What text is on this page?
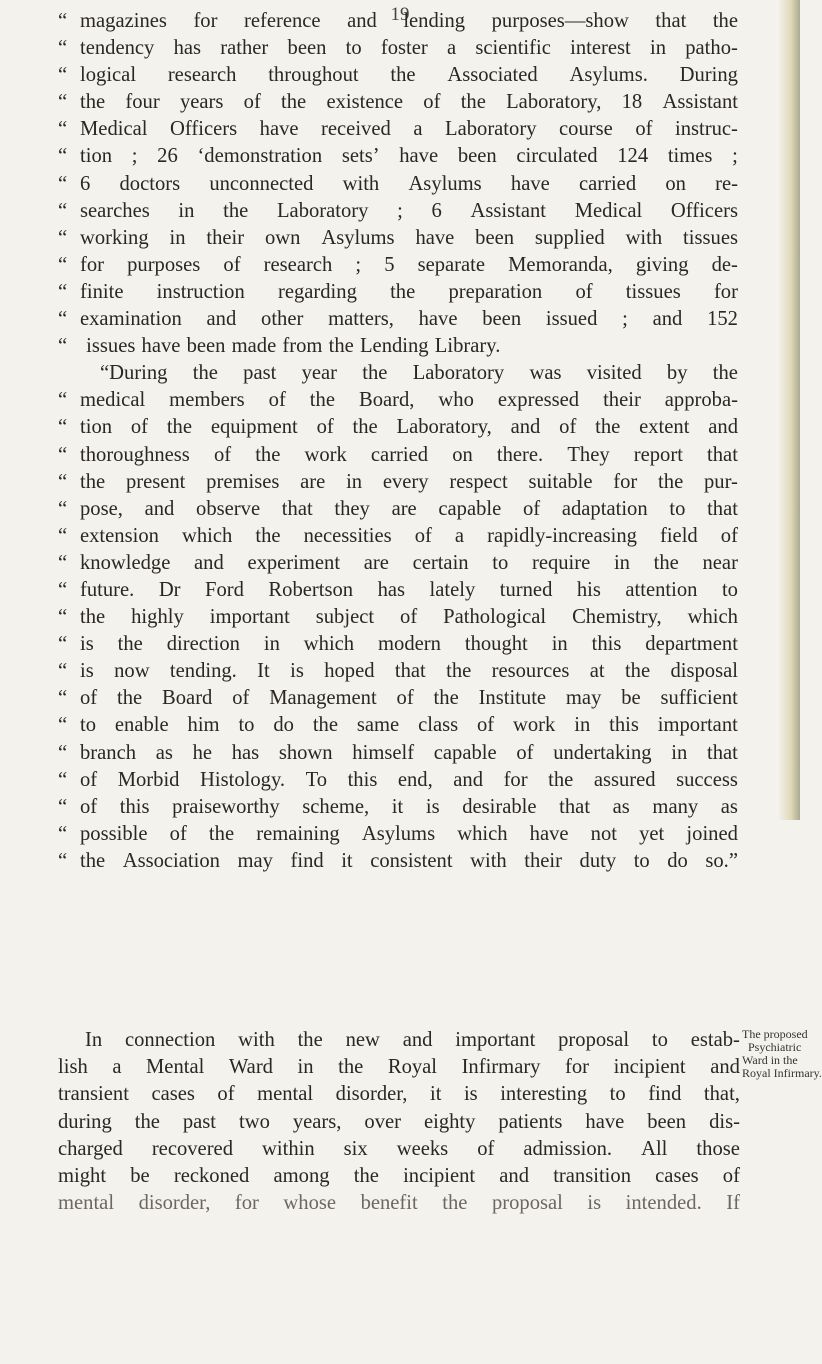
19
“ magazines for reference and lending purposes—show that the
“ tendency has rather been to foster a scientific interest in patho-
“ logical research throughout the Associated Asylums. During
“ the four years of the existence of the Laboratory, 18 Assistant
“ Medical Officers have received a Laboratory course of instruc-
“ tion ; 26 ‘demonstration sets’ have been circulated 124 times ;
“ 6 doctors unconnected with Asylums have carried on re-
“ searches in the Laboratory ; 6 Assistant Medical Officers
“ working in their own Asylums have been supplied with tissues
“ for purposes of research ; 5 separate Memoranda, giving de-
“ finite instruction regarding the preparation of tissues for
“ examination and other matters, have been issued ; and 152
“ issues have been made from the Lending Library.
“During the past year the Laboratory was visited by the
“ medical members of the Board, who expressed their approba-
“ tion of the equipment of the Laboratory, and of the extent and
“ thoroughness of the work carried on there. They report that
“ the present premises are in every respect suitable for the pur-
“ pose, and observe that they are capable of adaptation to that
“ extension which the necessities of a rapidly-increasing field of
“ knowledge and experiment are certain to require in the near
“ future. Dr Ford Robertson has lately turned his attention to
“ the highly important subject of Pathological Chemistry, which
“ is the direction in which modern thought in this department
“ is now tending. It is hoped that the resources at the disposal
“ of the Board of Management of the Institute may be sufficient
“ to enable him to do the same class of work in this important
“ branch as he has shown himself capable of undertaking in that
“ of Morbid Histology. To this end, and for the assured success
“ of this praiseworthy scheme, it is desirable that as many as
“ possible of the remaining Asylums which have not yet joined
“ the Association may find it consistent with their duty to do so.”
In connection with the new and important proposal to estab-
lish a Mental Ward in the Royal Infirmary for incipient and
transient cases of mental disorder, it is interesting to find that,
during the past two years, over eighty patients have been dis-
charged recovered within six weeks of admission. All those
might be reckoned among the incipient and transition cases of
mental disorder, for whose benefit the proposal is intended. If
The proposed
Psychiatric
Ward in the
Royal Infirmary.
